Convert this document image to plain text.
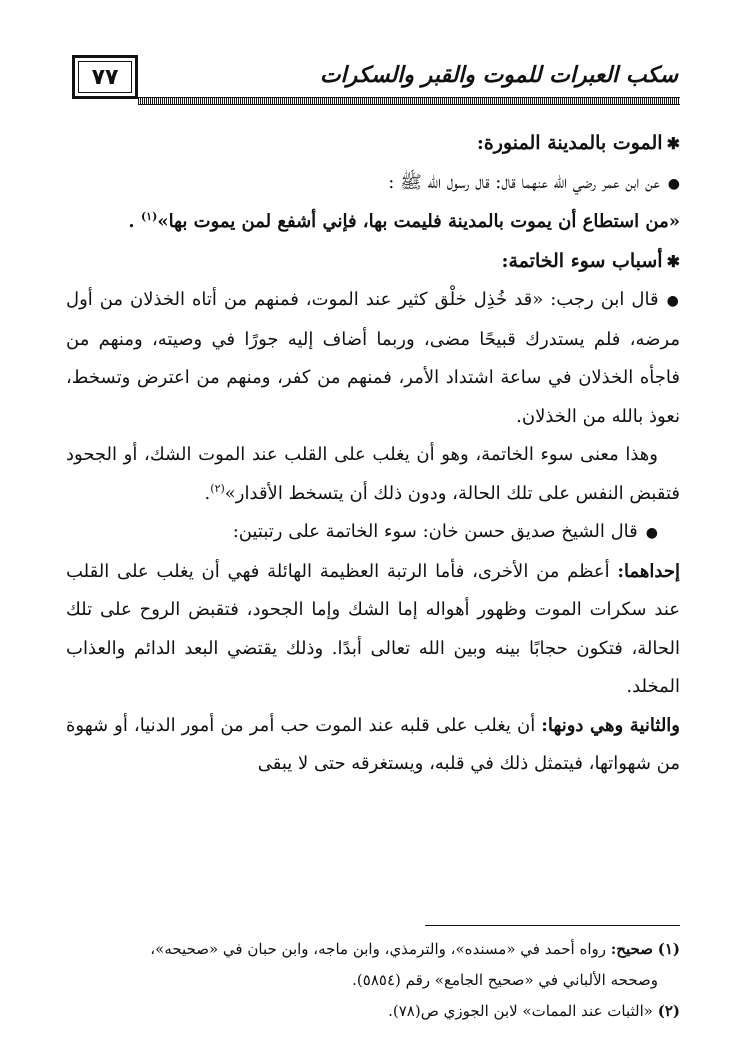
٧٧	سكب العبرات للموت والقبر والسكرات

✱الموت بالمدينة المنورة:

●عن ابن عمر رضي الله عنهما قال: قال رسول الله ﷺ :

«من استطاع أن يموت بالمدينة فليمت بها، فإني أشفع لمن يموت بها»$^{(١)}$ .

✱أسباب سوء الخاتمة:

●قال ابن رجب: «قد خُذِل خلْق كثير عند الموت، فمنهم من أتاه الخذلان من أول مرضه، فلم يستدرك قبيحًا مضى، وربما أضاف إليه جورًا في وصيته، ومنهم من فاجأه الخذلان في ساعة اشتداد الأمر، فمنهم من كفر، ومنهم من اعترض وتسخط، نعوذ بالله من الخذلان.

وهذا معنى سوء الخاتمة، وهو أن يغلب على القلب عند الموت الشك، أو الجحود فتقبض النفس على تلك الحالة، ودون ذلك أن يتسخط الأقدار»$^{(٢)}$.

●قال الشيخ صديق حسن خان: سوء الخاتمة على رتبتين:

إحداهما: أعظم من الأخرى، فأما الرتبة العظيمة الهائلة فهي أن يغلب على القلب عند سكرات الموت وظهور أهواله إما الشك وإما الجحود، فتقبض الروح على تلك الحالة، فتكون حجابًا بينه وبين الله تعالى أبدًا. وذلك يقتضي البعد الدائم والعذاب المخلد.

والثانية وهي دونها: أن يغلب على قلبه عند الموت حب أمر من أمور الدنيا، أو شهوة من شهواتها، فيتمثل ذلك في قلبه، ويستغرقه حتى لا يبقى

(١) صحيح: رواه أحمد في «مسنده»، والترمذي، وابن ماجه، وابن حبان في «صحيحه»،

وصححه الألباني في «صحيح الجامع» رقم (٥٨٥٤).

(٢) «الثبات عند الممات» لابن الجوزي ص(٧٨).
